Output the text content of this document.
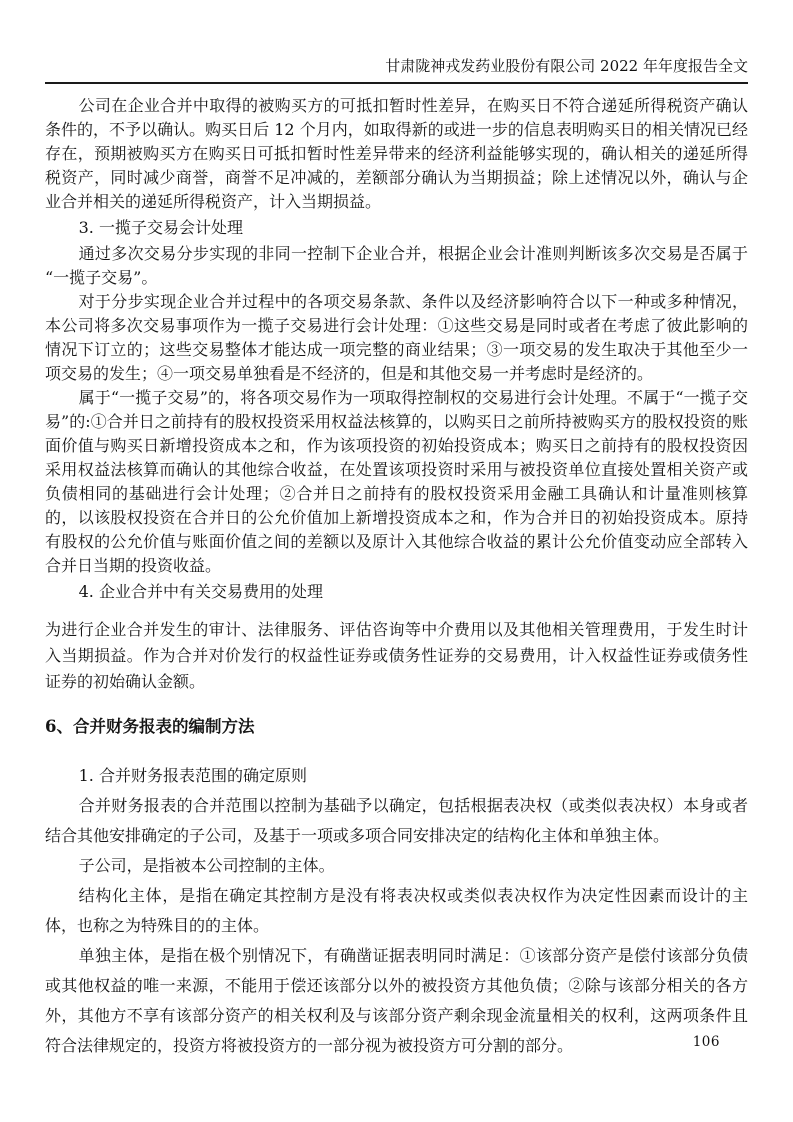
甘肃陇神戎发药业股份有限公司 2022 年年度报告全文
公司在企业合并中取得的被购买方的可抵扣暂时性差异，在购买日不符合递延所得税资产确认条件的，不予以确认。购买日后 12 个月内，如取得新的或进一步的信息表明购买日的相关情况已经存在，预期被购买方在购买日可抵扣暂时性差异带来的经济利益能够实现的，确认相关的递延所得税资产，同时减少商誉，商誉不足冲减的，差额部分确认为当期损益；除上述情况以外，确认与企业合并相关的递延所得税资产，计入当期损益。
3. 一揽子交易会计处理
通过多次交易分步实现的非同一控制下企业合并，根据企业会计准则判断该多次交易是否属于“一揽子交易”。
对于分步实现企业合并过程中的各项交易条款、条件以及经济影响符合以下一种或多种情况，本公司将多次交易事项作为一揽子交易进行会计处理：①这些交易是同时或者在考虑了彼此影响的情况下订立的；这些交易整体才能达成一项完整的商业结果；③一项交易的发生取决于其他至少一项交易的发生；④一项交易单独看是不经济的，但是和其他交易一并考虑时是经济的。
属于“一揽子交易”的，将各项交易作为一项取得控制权的交易进行会计处理。不属于“一揽子交易”的:①合并日之前持有的股权投资采用权益法核算的，以购买日之前所持被购买方的股权投资的账面价值与购买日新增投资成本之和，作为该项投资的初始投资成本；购买日之前持有的股权投资因采用权益法核算而确认的其他综合收益，在处置该项投资时采用与被投资单位直接处置相关资产或负债相同的基础进行会计处理；②合并日之前持有的股权投资采用金融工具确认和计量准则核算的，以该股权投资在合并日的公允价值加上新增投资成本之和，作为合并日的初始投资成本。原持有股权的公允价值与账面价值之间的差额以及原计入其他综合收益的累计公允价值变动应全部转入合并日当期的投资收益。
4. 企业合并中有关交易费用的处理
为进行企业合并发生的审计、法律服务、评估咨询等中介费用以及其他相关管理费用，于发生时计入当期损益。作为合并对价发行的权益性证券或债务性证券的交易费用，计入权益性证券或债务性证券的初始确认金额。
6、合并财务报表的编制方法
1. 合并财务报表范围的确定原则
合并财务报表的合并范围以控制为基础予以确定，包括根据表决权（或类似表决权）本身或者结合其他安排确定的子公司，及基于一项或多项合同安排决定的结构化主体和单独主体。
子公司，是指被本公司控制的主体。
结构化主体，是指在确定其控制方是没有将表决权或类似表决权作为决定性因素而设计的主体，也称之为特殊目的的主体。
单独主体，是指在极个别情况下，有确凿证据表明同时满足：①该部分资产是偿付该部分负债或其他权益的唯一来源，不能用于偿还该部分以外的被投资方其他负债；②除与该部分相关的各方外，其他方不享有该部分资产的相关权利及与该部分资产剩余现金流量相关的权利，这两项条件且符合法律规定的，投资方将被投资方的一部分视为被投资方可分割的部分。	106
